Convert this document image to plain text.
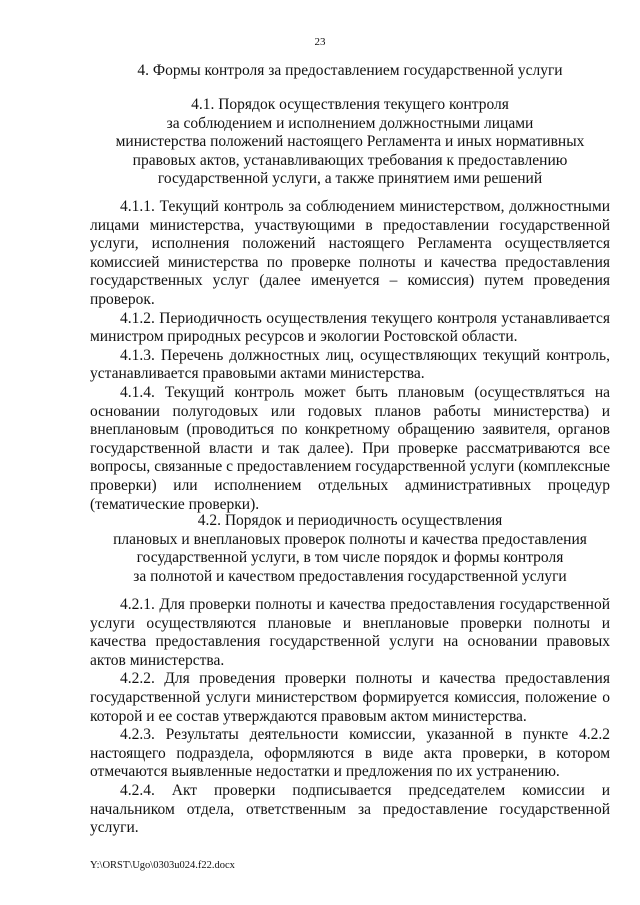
23
4. Формы контроля за предоставлением государственной услуги
4.1. Порядок осуществления текущего контроля
за соблюдением и исполнением должностными лицами
министерства положений настоящего Регламента и иных нормативных
правовых актов, устанавливающих требования к предоставлению
государственной услуги, а также принятием ими решений

4.1.1. Текущий контроль за соблюдением министерством, должностными лицами министерства, участвующими в предоставлении государственной услуги, исполнения положений настоящего Регламента осуществляется комиссией министерства по проверке полноты и качества предоставления государственных услуг (далее именуется – комиссия) путем проведения проверок.

4.1.2. Периодичность осуществления текущего контроля устанавливается министром природных ресурсов и экологии Ростовской области.

4.1.3. Перечень должностных лиц, осуществляющих текущий контроль, устанавливается правовыми актами министерства.

4.1.4. Текущий контроль может быть плановым (осуществляться на основании полугодовых или годовых планов работы министерства) и внеплановым (проводиться по конкретному обращению заявителя, органов государственной власти и так далее). При проверке рассматриваются все вопросы, связанные с предоставлением государственной услуги (комплексные проверки) или исполнением отдельных административных процедур (тематические проверки).

4.2. Порядок и периодичность осуществления
плановых и внеплановых проверок полноты и качества предоставления
государственной услуги, в том числе порядок и формы контроля
за полнотой и качеством предоставления государственной услуги

4.2.1. Для проверки полноты и качества предоставления государственной услуги осуществляются плановые и внеплановые проверки полноты и качества предоставления государственной услуги на основании правовых актов министерства.

4.2.2. Для проведения проверки полноты и качества предоставления государственной услуги министерством формируется комиссия, положение о которой и ее состав утверждаются правовым актом министерства.

4.2.3. Результаты деятельности комиссии, указанной в пункте 4.2.2 настоящего подраздела, оформляются в виде акта проверки, в котором отмечаются выявленные недостатки и предложения по их устранению.

4.2.4. Акт проверки подписывается председателем комиссии и начальником отдела, ответственным за предоставление государственной услуги.

Y:\ORST\Ugo\0303u024.f22.docx
